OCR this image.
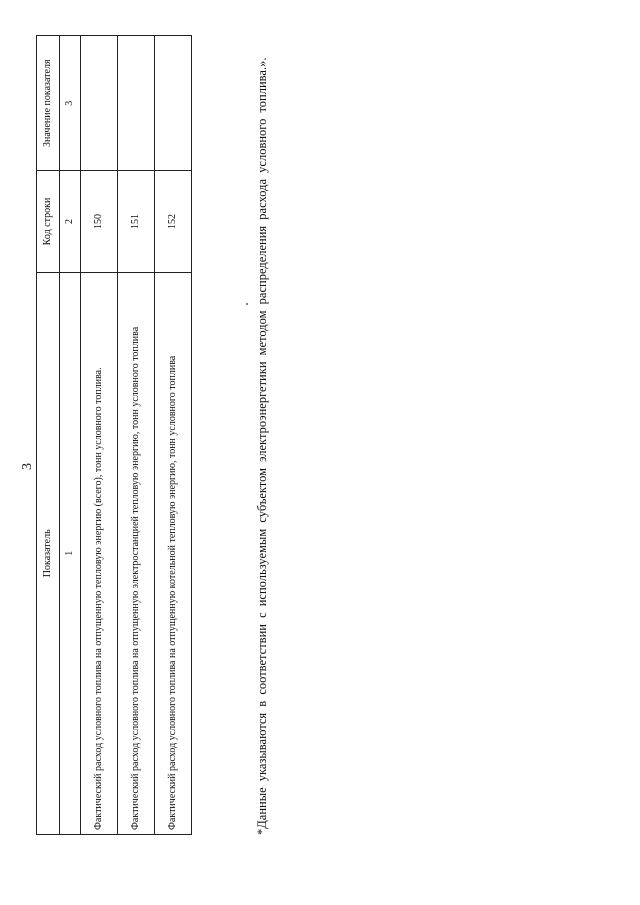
3
Показатель	Код строки	Значение показателя
1	2	3
Фактический расход условного топлива на отпущенную тепловую энергию (всего), тонн условного топлива.	150	
Фактический расход условного топлива на отпущенную электростанцией тепловую энергию, тонн условного топлива	151	
Фактический расход условного топлива на отпущенную котельной тепловую энергию, тонн условного топлива	152		*Данные указываются в соответствии с используемым субъектом электроэнергетики методом распределения расхода условного топлива.».
